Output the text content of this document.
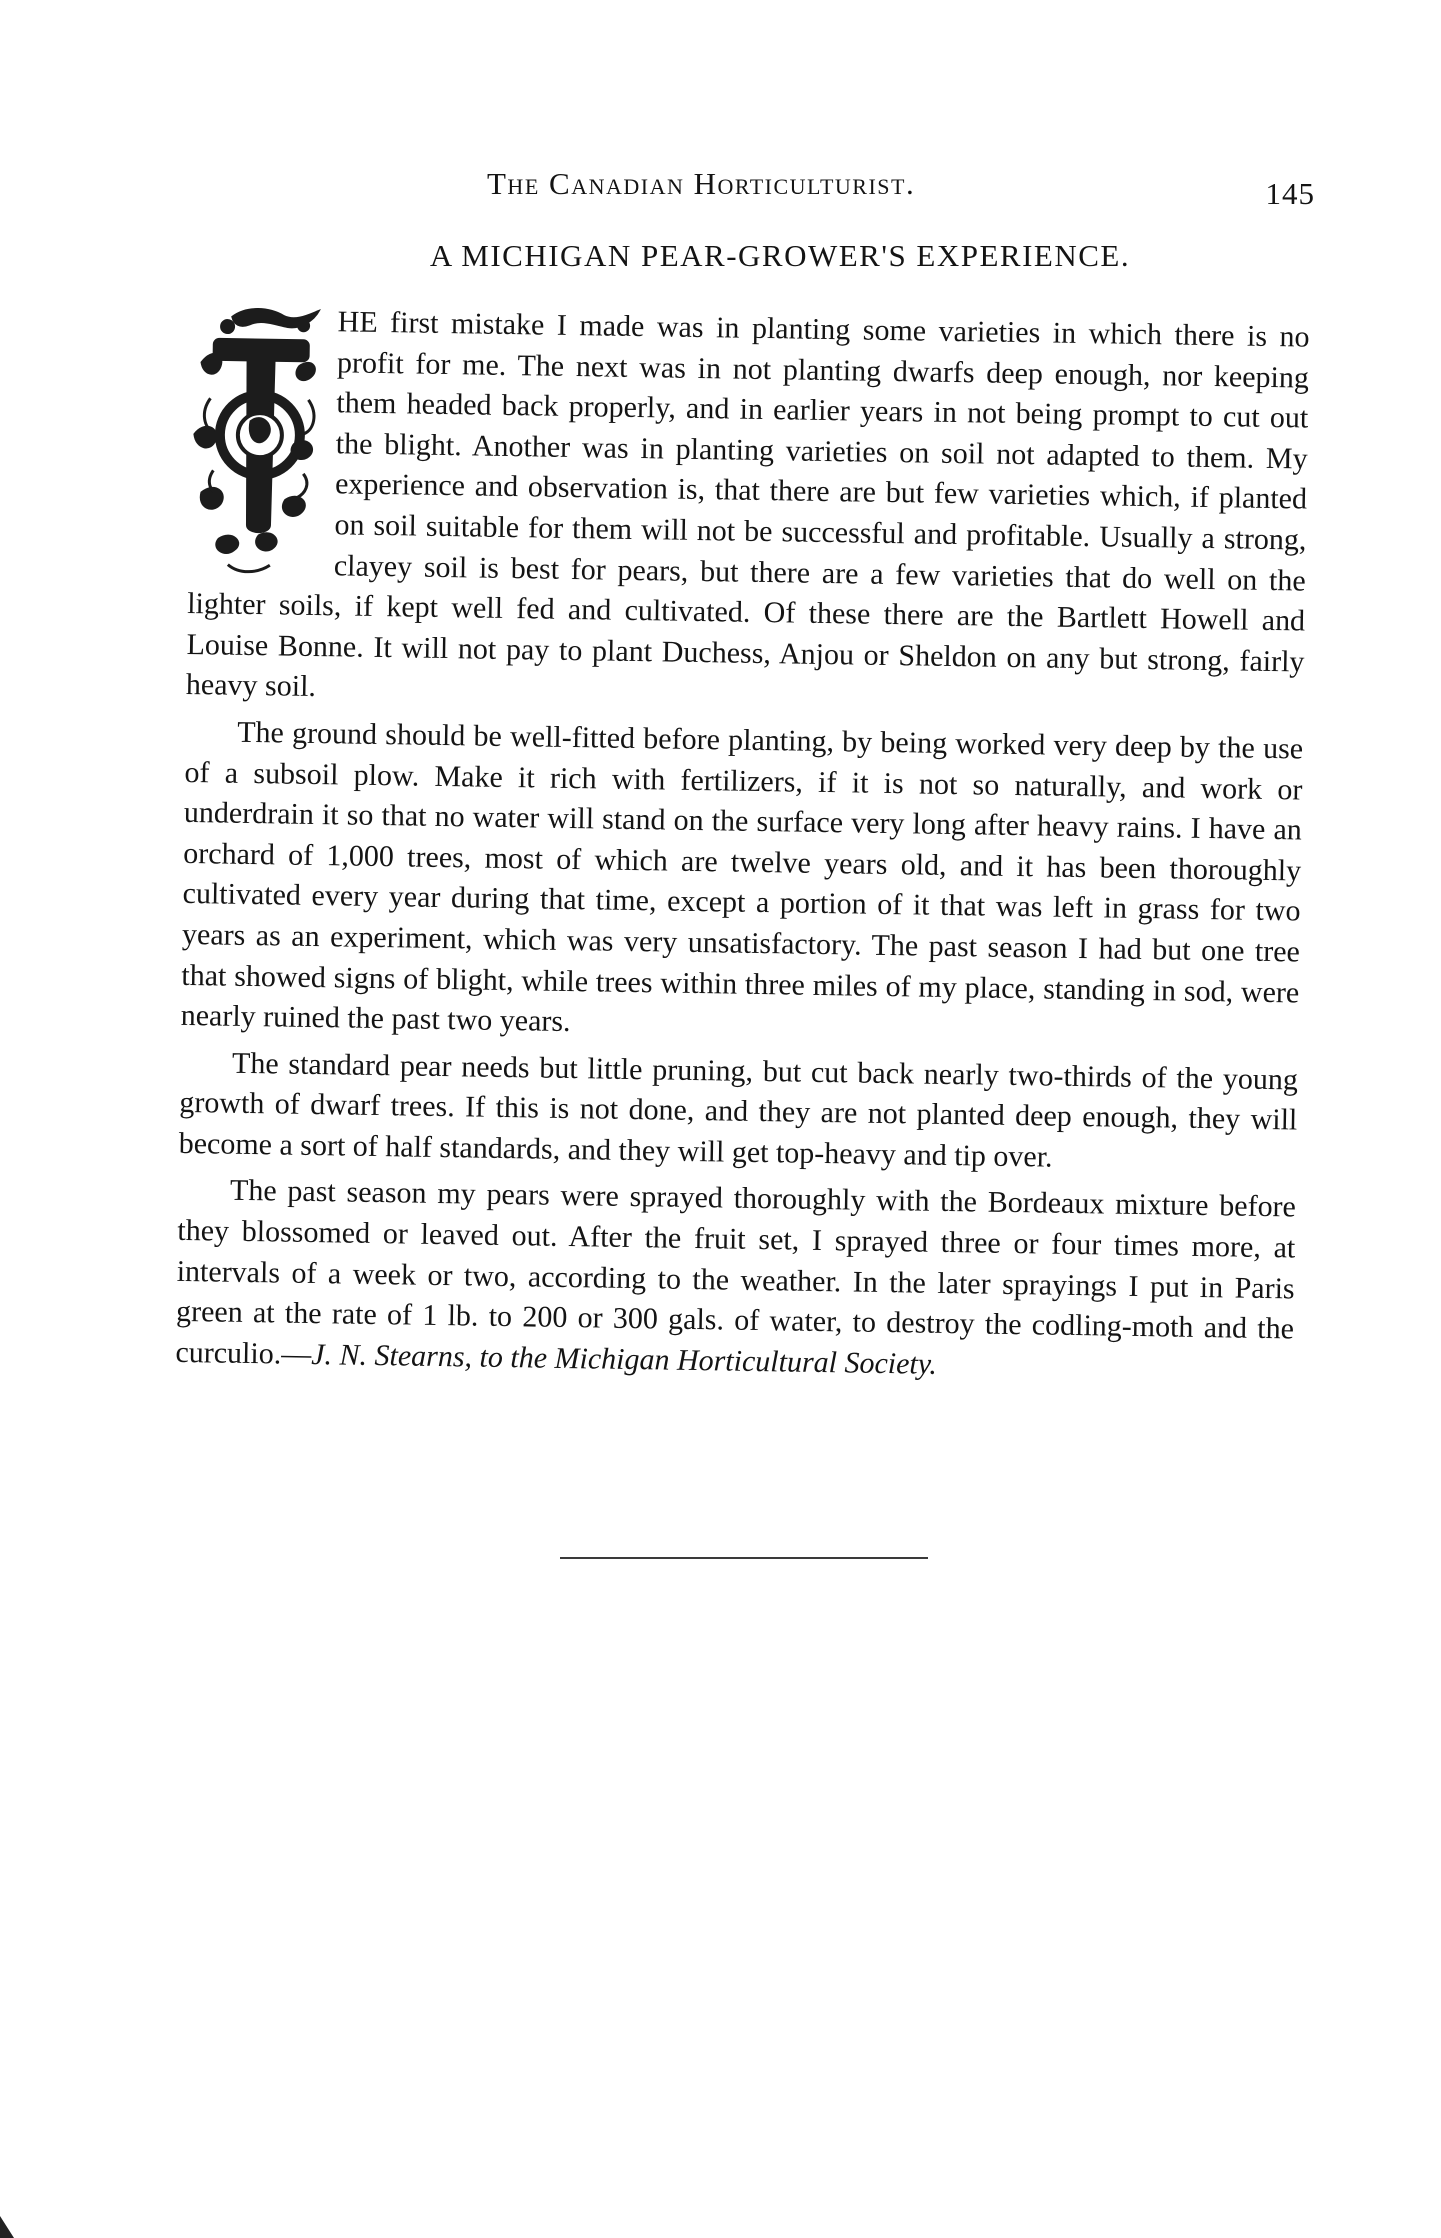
The Canadian Horticulturist.	145
A MICHIGAN PEAR-GROWER'S EXPERIENCE.

HE first mistake I made was in planting some varieties in which there is no profit for me. The next was in not planting dwarfs deep enough, nor keeping them headed back properly, and in earlier years in not being prompt to cut out the blight. Another was in planting varieties on soil not adapted to them. My experience and observation is, that there are but few varieties which, if planted on soil suitable for them will not be successful and profitable. Usually a strong, clayey soil is best for pears, but there are a few varieties that do well on the lighter soils, if kept well fed and cultivated. Of these there are the Bartlett Howell and Louise Bonne. It will not pay to plant Duchess, Anjou or Sheldon on any but strong, fairly heavy soil.

The ground should be well-fitted before planting, by being worked very deep by the use of a subsoil plow. Make it rich with fertilizers, if it is not so naturally, and work or underdrain it so that no water will stand on the surface very long after heavy rains. I have an orchard of 1,000 trees, most of which are twelve years old, and it has been thoroughly cultivated every year during that time, except a portion of it that was left in grass for two years as an experiment, which was very unsatisfactory. The past season I had but one tree that showed signs of blight, while trees within three miles of my place, standing in sod, were nearly ruined the past two years.

The standard pear needs but little pruning, but cut back nearly two-thirds of the young growth of dwarf trees. If this is not done, and they are not planted deep enough, they will become a sort of half standards, and they will get top-heavy and tip over.

The past season my pears were sprayed thoroughly with the Bordeaux mixture before they blossomed or leaved out. After the fruit set, I sprayed three or four times more, at intervals of a week or two, according to the weather. In the later sprayings I put in Paris green at the rate of 1 lb. to 200 or 300 gals. of water, to destroy the codling-moth and the curculio.—J. N. Stearns, to the Michigan Horticultural Society.
